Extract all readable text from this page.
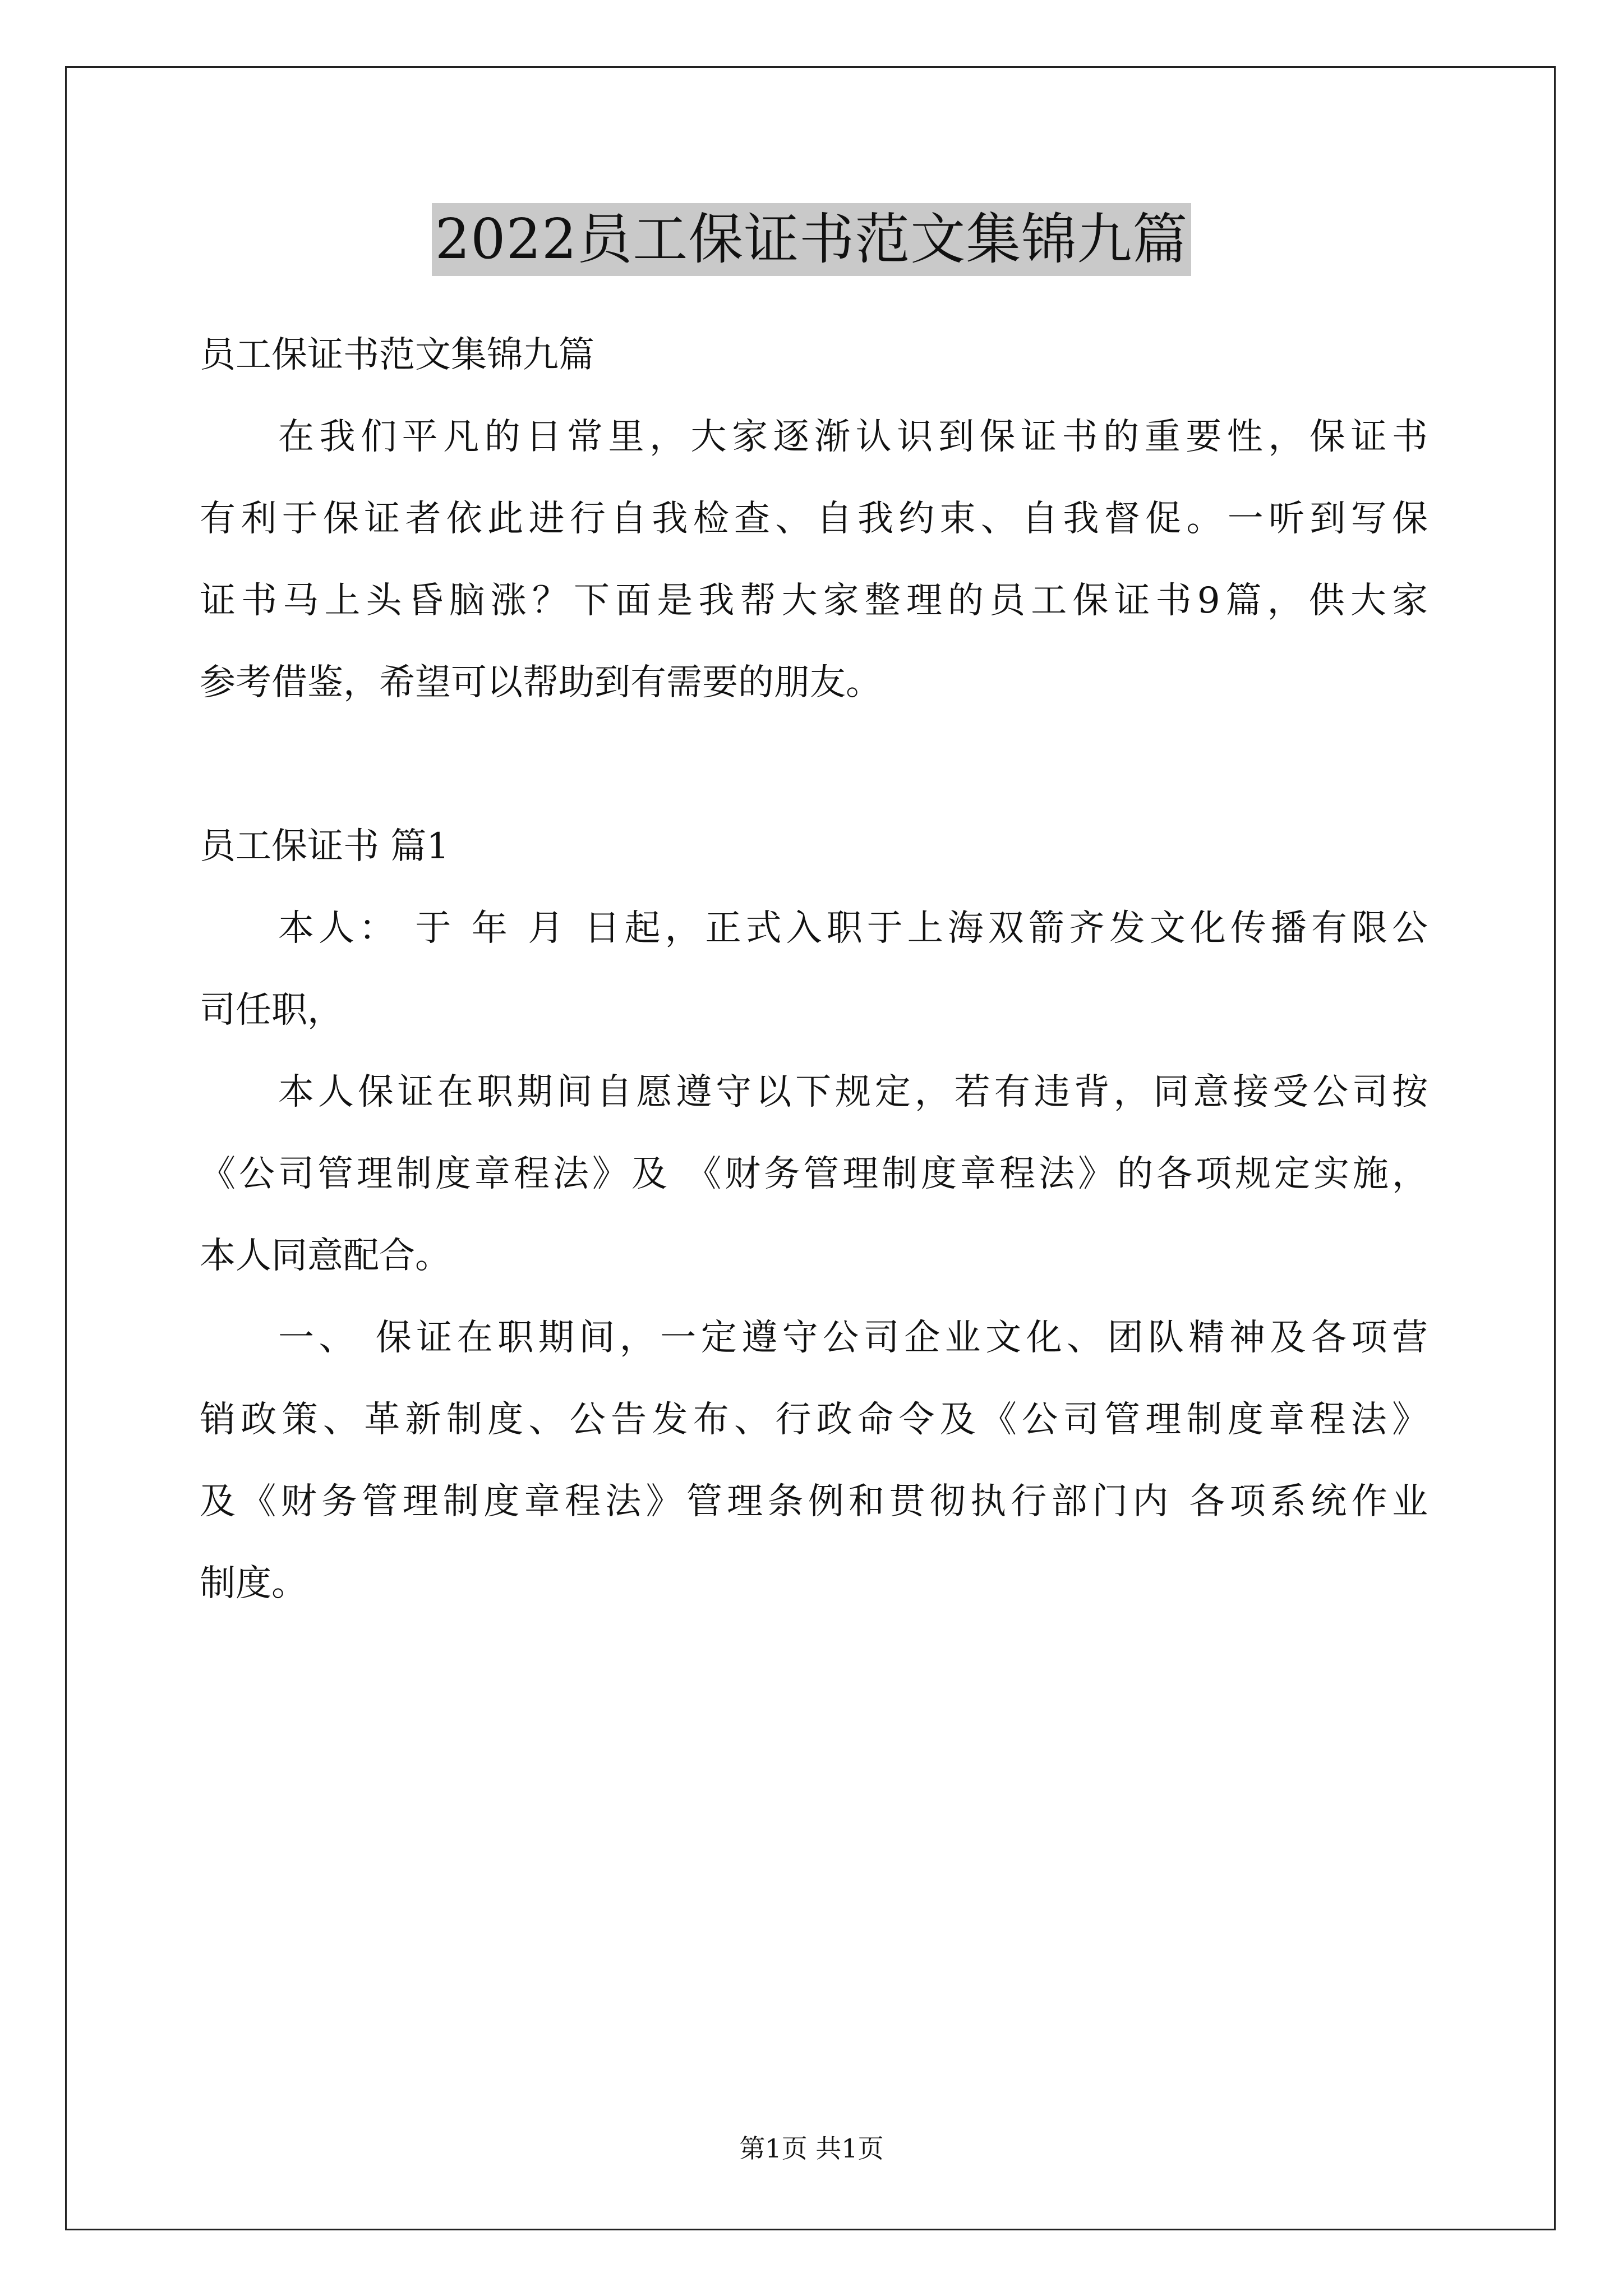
2022员工保证书范文集锦九篇
员工保证书范文集锦九篇
在我们平凡的日常里，大家逐渐认识到保证书的重要性，保证书
有利于保证者依此进行自我检查、自我约束、自我督促。一听到写保
证书马上头昏脑涨？下面是我帮大家整理的员工保证书9篇，供大家
参考借鉴，希望可以帮助到有需要的朋友。
员工保证书 篇1
本人： 于 年 月 日起，正式入职于上海双箭齐发文化传播有限公
司任职，
本人保证在职期间自愿遵守以下规定，若有违背，同意接受公司按
《公司管理制度章程法》及 《财务管理制度章程法》的各项规定实施，
本人同意配合。
一、 保证在职期间，一定遵守公司企业文化、团队精神及各项营
销政策、革新制度、公告发布、行政命令及《公司管理制度章程法》
及《财务管理制度章程法》管理条例和贯彻执行部门内 各项系统作业
制度。
第1页 共1页
